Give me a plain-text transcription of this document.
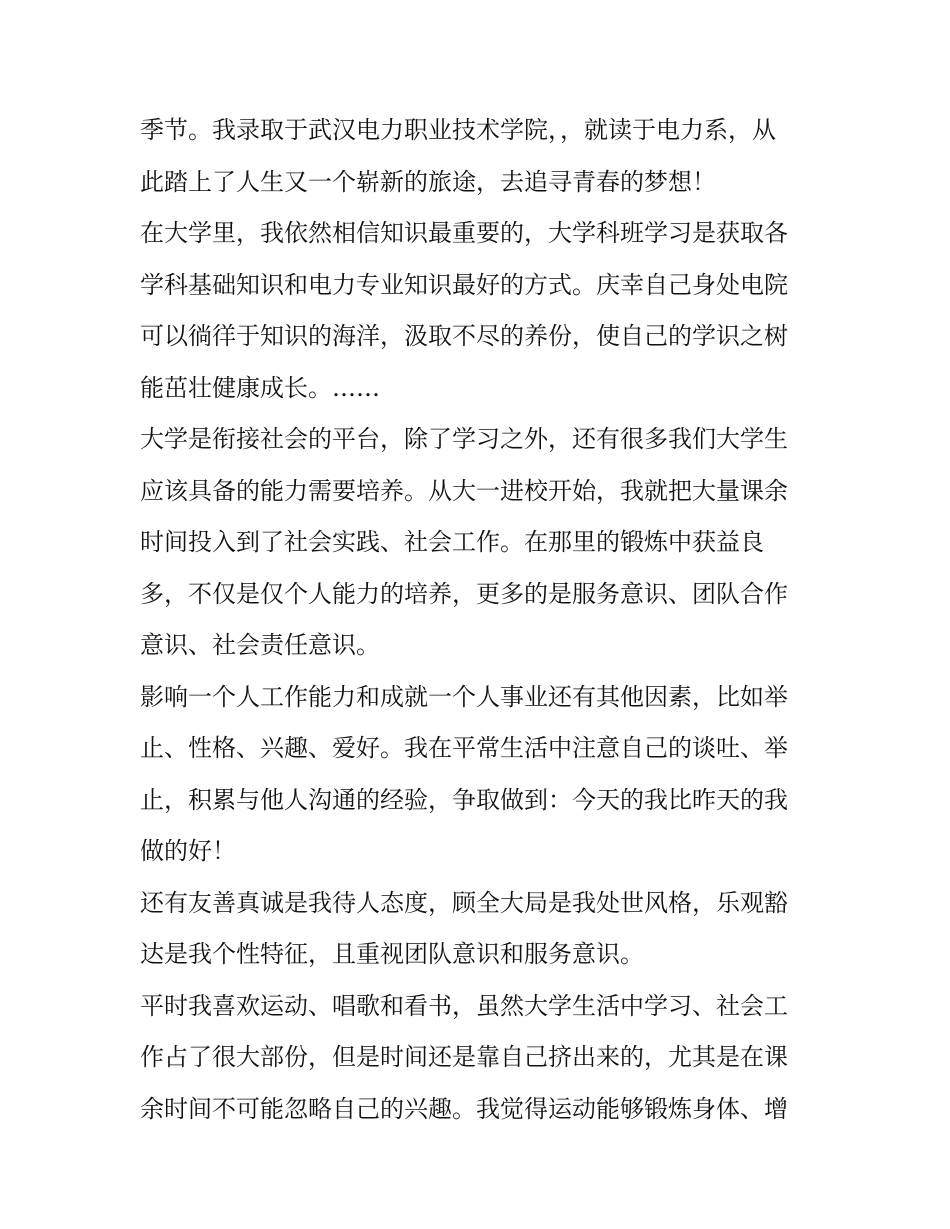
季节。我录取于武汉电力职业技术学院，，就读于电力系，从
此踏上了人生又一个崭新的旅途，去追寻青春的梦想！
在大学里，我依然相信知识最重要的，大学科班学习是获取各
学科基础知识和电力专业知识最好的方式。庆幸自己身处电院
可以徜徉于知识的海洋，汲取不尽的养份，使自己的学识之树
能茁壮健康成长。……
大学是衔接社会的平台，除了学习之外，还有很多我们大学生
应该具备的能力需要培养。从大一进校开始，我就把大量课余
时间投入到了社会实践、社会工作。在那里的锻炼中获益良
多，不仅是仅个人能力的培养，更多的是服务意识、团队合作
意识、社会责任意识。
影响一个人工作能力和成就一个人事业还有其他因素，比如举
止、性格、兴趣、爱好。我在平常生活中注意自己的谈吐、举
止，积累与他人沟通的经验，争取做到：今天的我比昨天的我
做的好！
还有友善真诚是我待人态度，顾全大局是我处世风格，乐观豁
达是我个性特征，且重视团队意识和服务意识。
平时我喜欢运动、唱歌和看书，虽然大学生活中学习、社会工
作占了很大部份，但是时间还是靠自己挤出来的，尤其是在课
余时间不可能忽略自己的兴趣。我觉得运动能够锻炼身体、增
